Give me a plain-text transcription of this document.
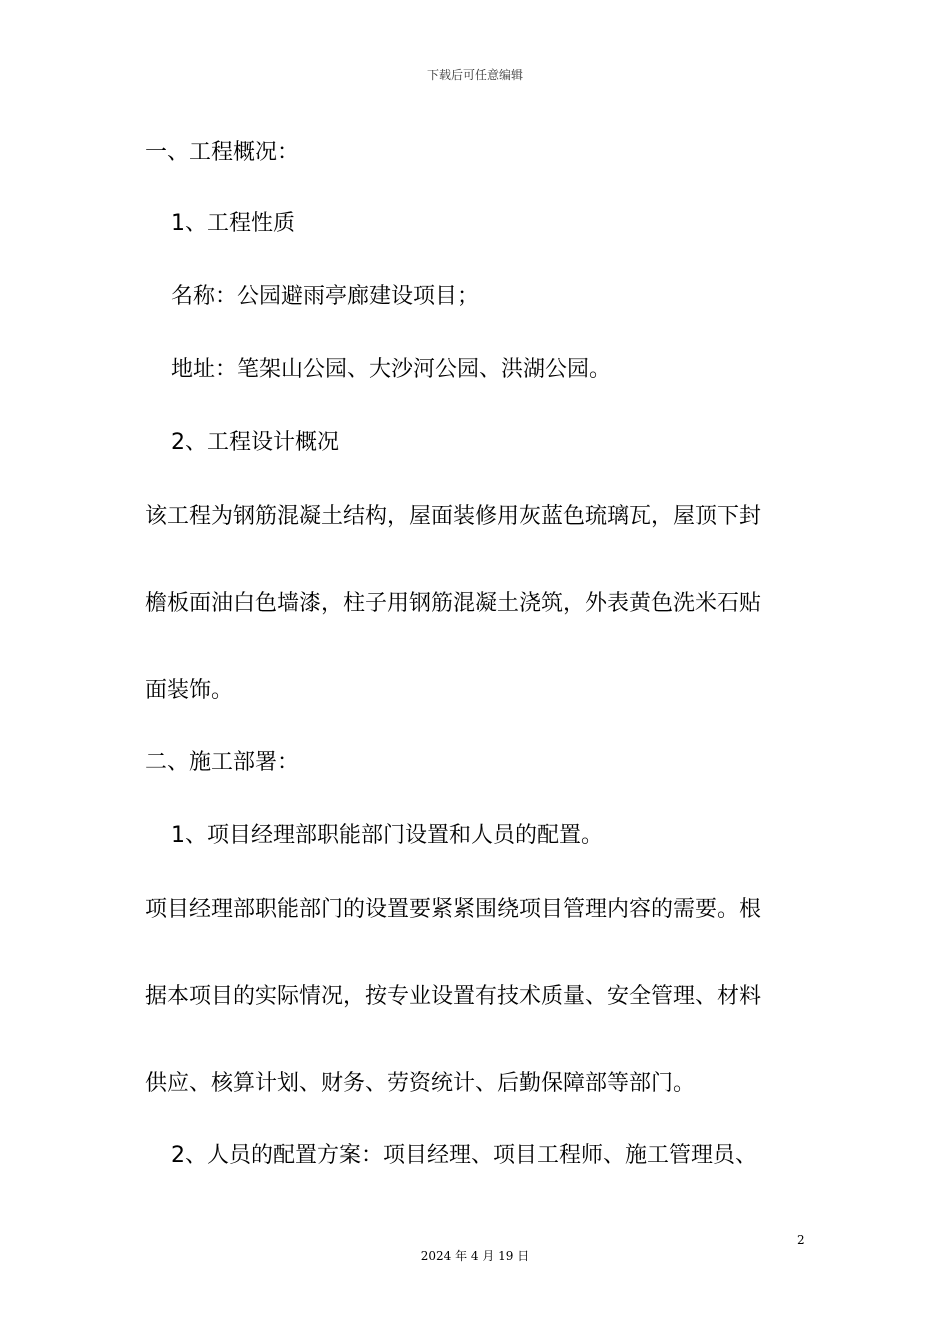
下载后可任意编辑
一、工程概况：
1、工程性质
名称：公园避雨亭廊建设项目；
地址：笔架山公园、大沙河公园、洪湖公园。
2、工程设计概况
该工程为钢筋混凝土结构，屋面装修用灰蓝色琉璃瓦，屋顶下封
檐板面油白色墙漆，柱子用钢筋混凝土浇筑，外表黄色洗米石贴
面装饰。
二、施工部署：
1、项目经理部职能部门设置和人员的配置。
项目经理部职能部门的设置要紧紧围绕项目管理内容的需要。根
据本项目的实际情况，按专业设置有技术质量、安全管理、材料
供应、核算计划、财务、劳资统计、后勤保障部等部门。
2、人员的配置方案：项目经理、项目工程师、施工管理员、
2
2024 年 4 月 19 日
